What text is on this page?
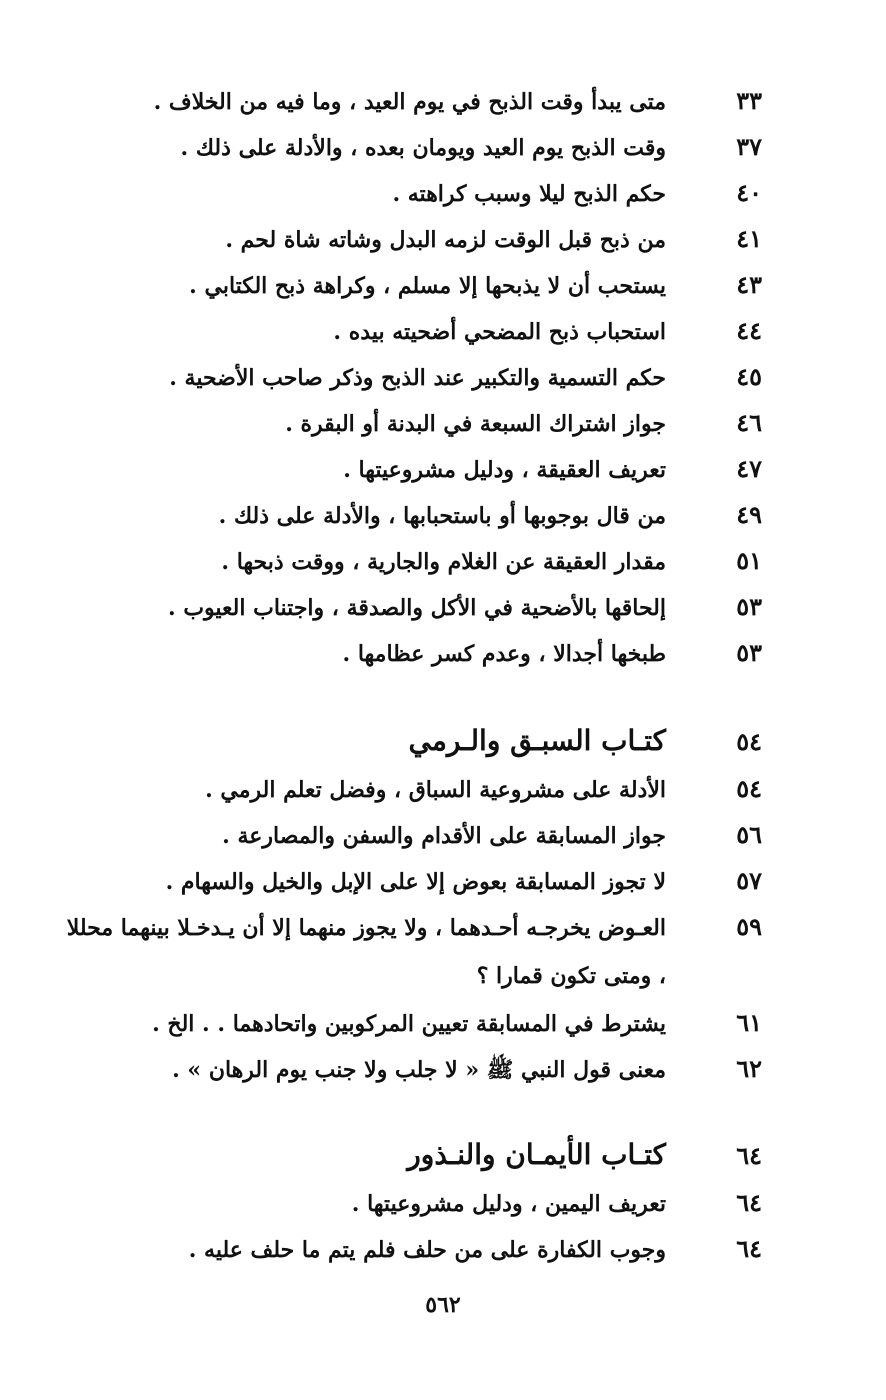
٣٣
متى يبدأ وقت الذبح في يوم العيد ، وما فيه من الخلاف .
٣٧
وقت الذبح يوم العيد ويومان بعده ، والأدلة على ذلك .
٤٠
حكم الذبح ليلا وسبب كراهته .
٤١
من ذبح قبل الوقت لزمه البدل وشاته شاة لحم .
٤٣
يستحب أن لا يذبحها إلا مسلم ، وكراهة ذبح الكتابي .
٤٤
استحباب ذبح المضحي أضحيته بيده .
٤٥
حكم التسمية والتكبير عند الذبح وذكر صاحب الأضحية .
٤٦
جواز اشتراك السبعة في البدنة أو البقرة .
٤٧
تعريف العقيقة ، ودليل مشروعيتها .
٤٩
من قال بوجوبها أو باستحبابها ، والأدلة على ذلك .
٥١
مقدار العقيقة عن الغلام والجارية ، ووقت ذبحها .
٥٣
إلحاقها بالأضحية في الأكل والصدقة ، واجتناب العيوب .
٥٣
طبخها أجدالا ، وعدم كسر عظامها .
٥٤
كتـاب السبـق والـرمي
٥٤
الأدلة على مشروعية السباق ، وفضل تعلم الرمي .
٥٦
جواز المسابقة على الأقدام والسفن والمصارعة .
٥٧
لا تجوز المسابقة بعوض إلا على الإبل والخيل والسهام .
٥٩
العـوض يخرجـه أحـدهما ، ولا يجوز منهما إلا أن يـدخـلا بينهما محللا ، ومتى تكون قمارا ؟
٦١
يشترط في المسابقة تعيين المركوبين واتحادهما . . الخ .
٦٢
معنى قول النبي ﷺ « لا جلب ولا جنب يوم الرهان » .
٦٤
كتـاب الأيمـان والنـذور
٦٤
تعريف اليمين ، ودليل مشروعيتها .
٦٤
وجوب الكفارة على من حلف فلم يتم ما حلف عليه .
٥٦٢
